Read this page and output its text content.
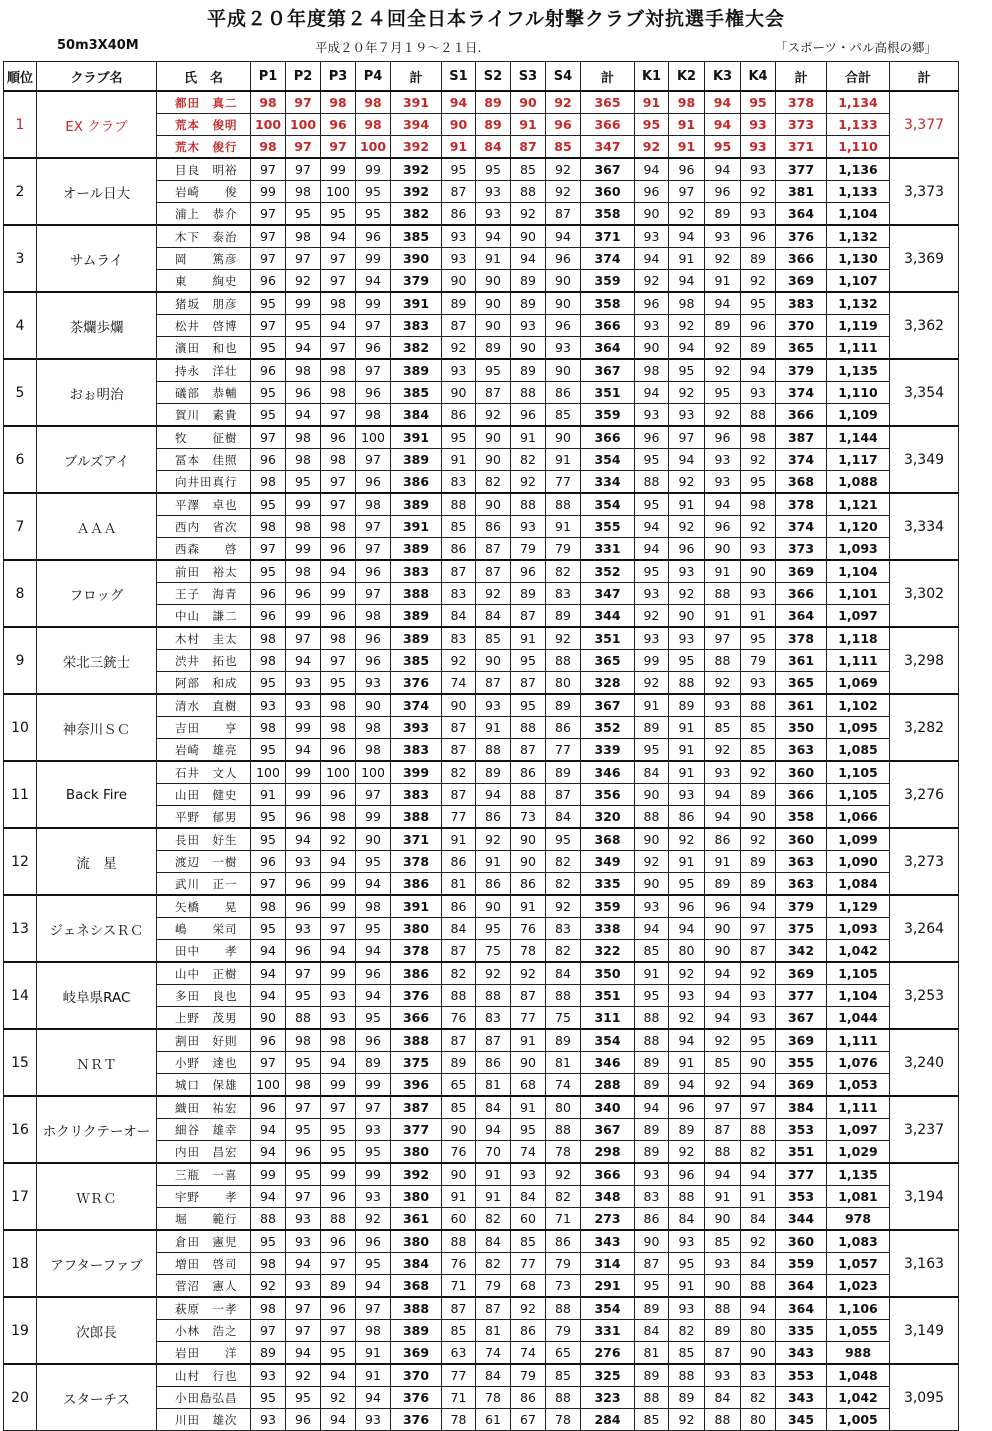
平成２０年度第２４回全日本ライフル射撃クラブ対抗選手権大会
50m3X40M	平成２０年７月１９～２１日.	「スポーツ・パル高根の郷」
順位	クラブ名	氏　名	P1	P2	P3	P4	計	S1	S2	S3	S4	計	K1	K2	K3	K4	計	合計	計
1	EX クラブ	都田　真二	98	97	98	98	391	94	89	90	92	365	91	98	94	95	378	1,134	3,377
		荒本　俊明	100	100	96	98	394	90	89	91	96	366	95	91	94	93	373	1,133	
		荒木　俊行	98	97	97	100	392	91	84	87	85	347	92	91	95	93	371	1,110	
2	オール日大	目良　明裕	97	97	99	99	392	95	95	85	92	367	94	96	94	93	377	1,136	3,373
		岩崎　　俊	99	98	100	95	392	87	93	88	92	360	96	97	96	92	381	1,133	
		浦上　恭介	97	95	95	95	382	86	93	92	87	358	90	92	89	93	364	1,104	
3	サムライ	木下　泰治	97	98	94	96	385	93	94	90	94	371	93	94	93	96	376	1,132	3,369
		岡　　篤彦	97	97	97	99	390	93	91	94	96	374	94	91	92	89	366	1,130	
		東　　絢史	96	92	97	94	379	90	90	89	90	359	92	94	91	92	369	1,107	
4	茶爛歩爛	猪坂　朋彦	95	99	98	99	391	89	90	89	90	358	96	98	94	95	383	1,132	3,362
		松井　啓博	97	95	94	97	383	87	90	93	96	366	93	92	89	96	370	1,119	
		濱田　和也	95	94	97	96	382	92	89	90	93	364	90	94	92	89	365	1,111	
5	おぉ明治	持永　洋壮	96	98	98	97	389	93	95	89	90	367	98	95	92	94	379	1,135	3,354
		礒部　恭輔	95	96	98	96	385	90	87	88	86	351	94	92	95	93	374	1,110	
		賀川　素貴	95	94	97	98	384	86	92	96	85	359	93	93	92	88	366	1,109	
6	ブルズアイ	牧　　征樹	97	98	96	100	391	95	90	91	90	366	96	97	96	98	387	1,144	3,349
		冨本　佳照	96	98	98	97	389	91	90	82	91	354	95	94	93	92	374	1,117	
		向井田真行	98	95	97	96	386	83	82	92	77	334	88	92	93	95	368	1,088	
7	ＡＡＡ	平澤　卓也	95	99	97	98	389	88	90	88	88	354	95	91	94	98	378	1,121	3,334
		西内　省次	98	98	98	97	391	85	86	93	91	355	94	92	96	92	374	1,120	
		西森　　啓	97	99	96	97	389	86	87	79	79	331	94	96	90	93	373	1,093	
8	フロッグ	前田　裕太	95	98	94	96	383	87	87	96	82	352	95	93	91	90	369	1,104	3,302
		王子　海青	96	96	99	97	388	83	92	89	83	347	93	92	88	93	366	1,101	
		中山　謙二	96	99	96	98	389	84	84	87	89	344	92	90	91	91	364	1,097	
9	栄北三銃士	木村　圭太	98	97	98	96	389	83	85	91	92	351	93	93	97	95	378	1,118	3,298
		渋井　拓也	98	94	97	96	385	92	90	95	88	365	99	95	88	79	361	1,111	
		阿部　和成	95	93	95	93	376	74	87	87	80	328	92	88	92	93	365	1,069	
10	神奈川ＳＣ	清水　直樹	93	93	98	90	374	90	93	95	89	367	91	89	93	88	361	1,102	3,282
		吉田　　亨	98	99	98	98	393	87	91	88	86	352	89	91	85	85	350	1,095	
		岩崎　雄亮	95	94	96	98	383	87	88	87	77	339	95	91	92	85	363	1,085	
11	Back Fire	石井　文人	100	99	100	100	399	82	89	86	89	346	84	91	93	92	360	1,105	3,276
		山田　健史	91	99	96	97	383	87	94	88	87	356	90	93	94	89	366	1,105	
		平野　郁男	95	96	98	99	388	77	86	73	84	320	88	86	94	90	358	1,066	
12	流　星	長田　好生	95	94	92	90	371	91	92	90	95	368	90	92	86	92	360	1,099	3,273
		渡辺　一樹	96	93	94	95	378	86	91	90	82	349	92	91	91	89	363	1,090	
		武川　正一	97	96	99	94	386	81	86	86	82	335	90	95	89	89	363	1,084	
13	ジェネシスＲＣ	矢橋　　晃	98	96	99	98	391	86	90	91	92	359	93	96	96	94	379	1,129	3,264
		嶋　　栄司	95	93	97	95	380	84	95	76	83	338	94	94	90	97	375	1,093	
		田中　　孝	94	96	94	94	378	87	75	78	82	322	85	80	90	87	342	1,042	
14	岐阜県RAC	山中　正樹	94	97	99	96	386	82	92	92	84	350	91	92	94	92	369	1,105	3,253
		多田　良也	94	95	93	94	376	88	88	87	88	351	95	93	94	93	377	1,104	
		上野　茂男	90	88	93	95	366	76	83	77	75	311	88	92	94	93	367	1,044	
15	ＮＲＴ	割田　好則	96	98	98	96	388	87	87	91	89	354	88	94	92	95	369	1,111	3,240
		小野　達也	97	95	94	89	375	89	86	90	81	346	89	91	85	90	355	1,076	
		城口　保雄	100	98	99	99	396	65	81	68	74	288	89	94	92	94	369	1,053	
16	ホクリクテーオー	織田　祐宏	96	97	97	97	387	85	84	91	80	340	94	96	97	97	384	1,111	3,237
		細谷　雄幸	94	95	95	93	377	90	94	95	88	367	89	89	87	88	353	1,097	
		内田　昌宏	94	96	95	95	380	76	70	74	78	298	89	92	88	82	351	1,029	
17	ＷＲＣ	三瓶　一喜	99	95	99	99	392	90	91	93	92	366	93	96	94	94	377	1,135	3,194
		宇野　　孝	94	97	96	93	380	91	91	84	82	348	83	88	91	91	353	1,081	
		堀　　範行	88	93	88	92	361	60	82	60	71	273	86	84	90	84	344	978	
18	アフターファブ	倉田　憲児	95	93	96	96	380	88	84	85	86	343	90	93	85	92	360	1,083	3,163
		増田　啓司	98	94	97	95	384	76	82	77	79	314	87	95	93	84	359	1,057	
		菅沼　憲人	92	93	89	94	368	71	79	68	73	291	95	91	90	88	364	1,023	
19	次郎長	萩原　一孝	98	97	96	97	388	87	87	92	88	354	89	93	88	94	364	1,106	3,149
		小林　浩之	97	97	97	98	389	85	81	86	79	331	84	82	89	80	335	1,055	
		岩田　　洋	89	94	95	91	369	63	74	74	65	276	81	85	87	90	343	988	
20	スターチス	山村　行也	93	92	94	91	370	77	84	79	85	325	89	88	93	83	353	1,048	3,095
		小田島弘昌	95	95	92	94	376	71	78	86	88	323	88	89	84	82	343	1,042	
		川田　雄次	93	96	94	93	376	78	61	67	78	284	85	92	88	80	345	1,005	
